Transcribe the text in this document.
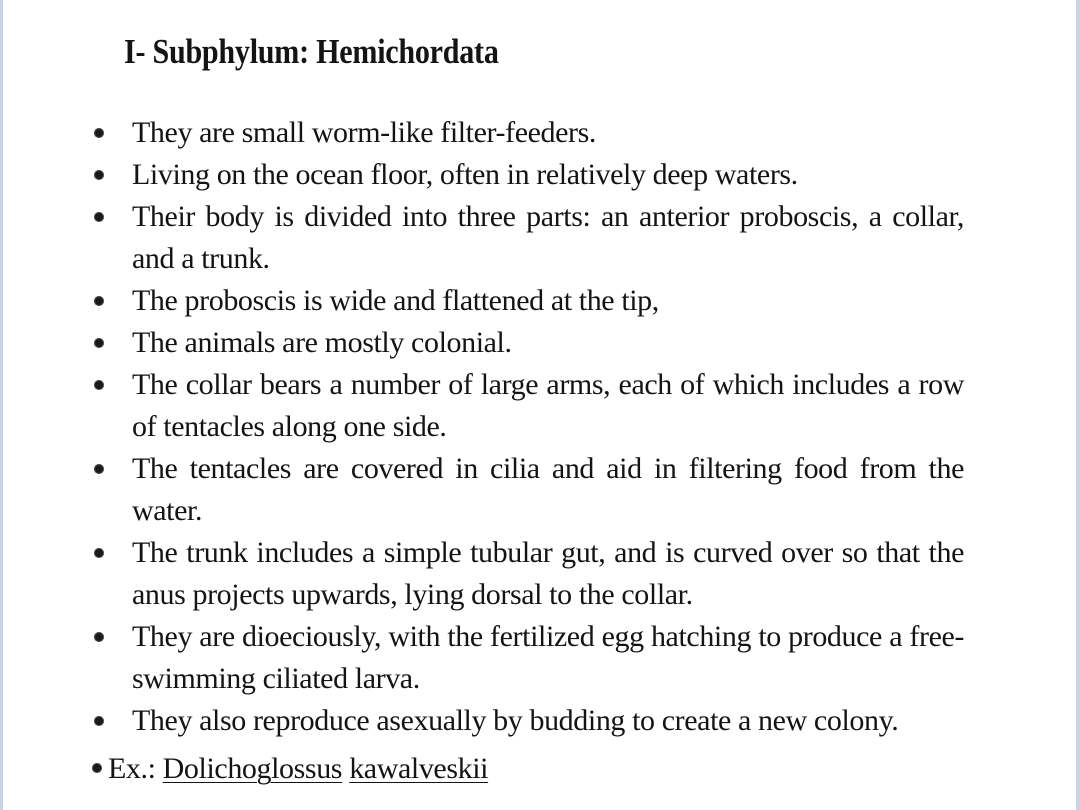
I- Subphylum: Hemichordata
They are small worm-like filter-feeders.
Living on the ocean floor, often in relatively deep waters.
Their body is divided into three parts: an anterior proboscis, a collar, and a trunk.
The proboscis is wide and flattened at the tip,
The animals are mostly colonial.
The collar bears a number of large arms, each of which includes a row of tentacles along one side.
The tentacles are covered in cilia and aid in filtering food from the water.
The trunk includes a simple tubular gut, and is curved over so that the anus projects upwards, lying dorsal to the collar.
They are dioeciously, with the fertilized egg hatching to produce a free-swimming ciliated larva.
They also reproduce asexually by budding to create a new colony.
Ex.: Dolichoglossus kawalveskii
